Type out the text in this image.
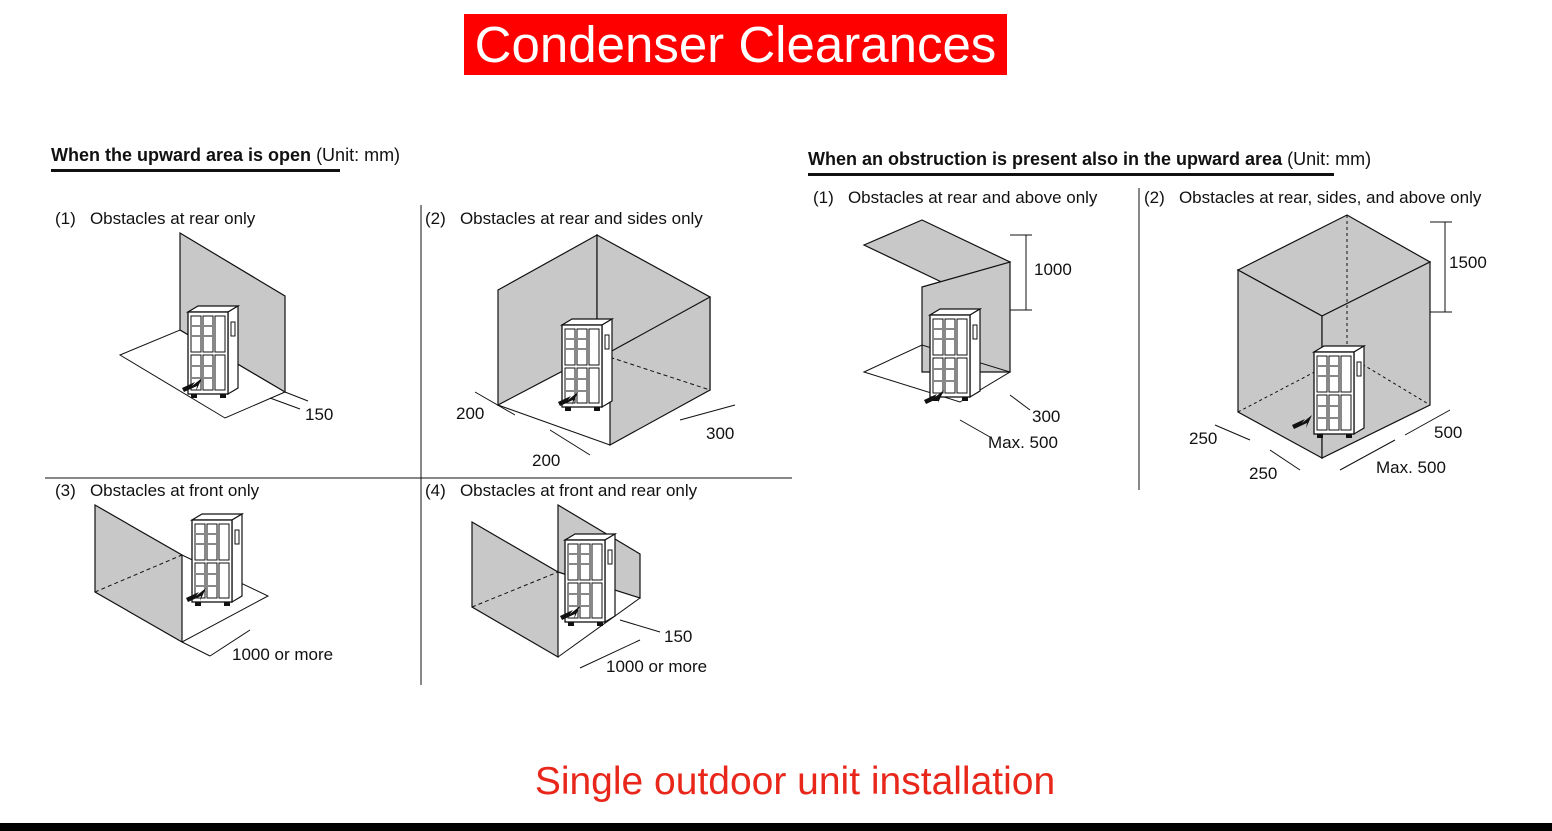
Condenser Clearances
When the upward area is open (Unit: mm)	When an obstruction is present also in the upward area (Unit: mm)
(1) Obstacles at rear only	(2) Obstacles at rear and sides only
(3) Obstacles at front only	(4) Obstacles at front and rear only
(1) Obstacles at rear and above only	(2) Obstacles at rear, sides, and above only
150	200
200
300
1000 or more
150
1000 or more
1000
300
Max. 500
1500
500
250
250	Max. 500
Single outdoor unit installation
